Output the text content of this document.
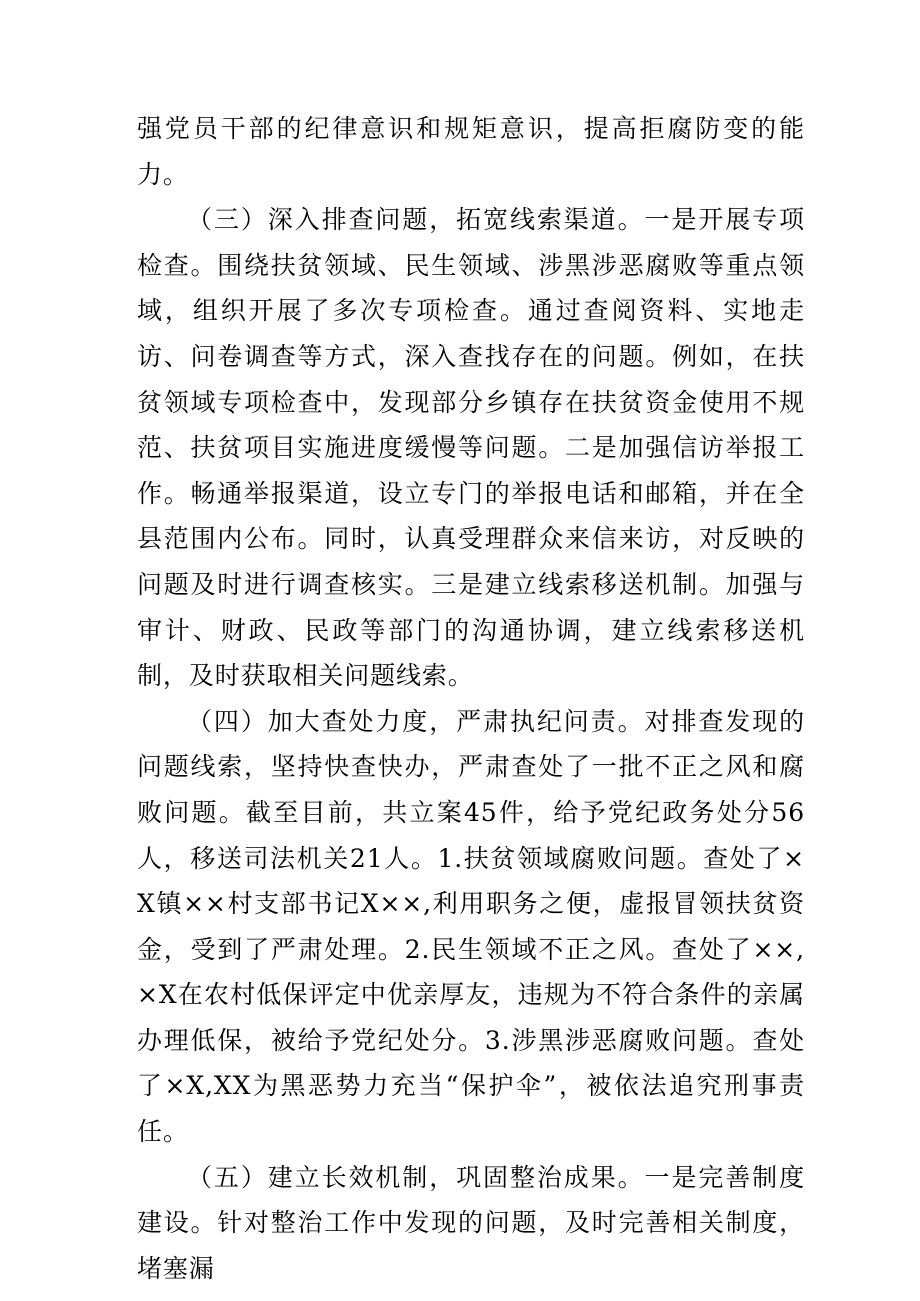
强党员干部的纪律意识和规矩意识，提高拒腐防变的能力。

（三）深入排查问题，拓宽线索渠道。一是开展专项检查。围绕扶贫领域、民生领域、涉黑涉恶腐败等重点领域，组织开展了多次专项检查。通过查阅资料、实地走访、问卷调查等方式，深入查找存在的问题。例如，在扶贫领域专项检查中，发现部分乡镇存在扶贫资金使用不规范、扶贫项目实施进度缓慢等问题。二是加强信访举报工作。畅通举报渠道，设立专门的举报电话和邮箱，并在全县范围内公布。同时，认真受理群众来信来访，对反映的问题及时进行调查核实。三是建立线索移送机制。加强与审计、财政、民政等部门的沟通协调，建立线索移送机制，及时获取相关问题线索。

（四）加大查处力度，严肃执纪问责。对排查发现的问题线索，坚持快查快办，严肃查处了一批不正之风和腐败问题。截至目前，共立案45件，给予党纪政务处分56人，移送司法机关21人。1.扶贫领域腐败问题。查处了×X镇××村支部书记X××,利用职务之便，虚报冒领扶贫资金，受到了严肃处理。2.民生领域不正之风。查处了××,×X在农村低保评定中优亲厚友，违规为不符合条件的亲属办理低保，被给予党纪处分。3.涉黑涉恶腐败问题。查处了×X,XX为黑恶势力充当“保护伞”，被依法追究刑事责任。

（五）建立长效机制，巩固整治成果。一是完善制度建设。针对整治工作中发现的问题，及时完善相关制度，堵塞漏
